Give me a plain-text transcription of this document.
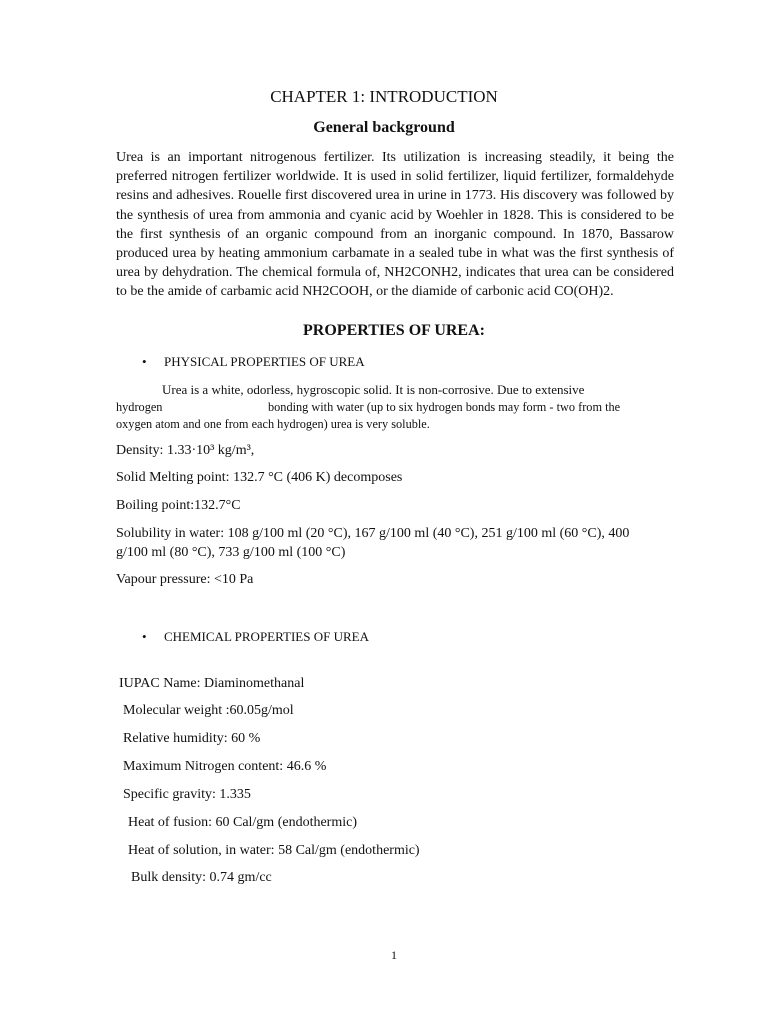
CHAPTER 1: INTRODUCTION
General background

Urea is an important nitrogenous fertilizer. Its utilization is increasing steadily, it being the preferred nitrogen fertilizer worldwide. It is used in solid fertilizer, liquid fertilizer, formaldehyde resins and adhesives. Rouelle first discovered urea in urine in 1773. His discovery was followed by the synthesis of urea from ammonia and cyanic acid by Woehler in 1828. This is considered to be the first synthesis of an organic compound from an inorganic compound. In 1870, Bassarow produced urea by heating ammonium carbamate in a sealed tube in what was the first synthesis of urea by dehydration. The chemical formula of, NH2CONH2, indicates that urea can be considered to be the amide of carbamic acid NH2COOH, or the diamide of carbonic acid CO(OH)2.

PROPERTIES OF UREA:
• PHYSICAL PROPERTIES OF UREA
Urea is a white, odorless, hygroscopic solid. It is non-corrosive. Due to extensive
hydrogen	bonding with water (up to six hydrogen bonds may form - two from the
oxygen atom and one from each hydrogen) urea is very soluble.
Density: 1.33·10³ kg/m³,
Solid Melting point: 132.7 °C (406 K) decomposes
Boiling point:132.7°C
Solubility in water: 108 g/100 ml (20 °C), 167 g/100 ml (40 °C), 251 g/100 ml (60 °C), 400
g/100 ml (80 °C), 733 g/100 ml (100 °C)
Vapour pressure: <10 Pa
• CHEMICAL PROPERTIES OF UREA
IUPAC Name: Diaminomethanal
Molecular weight :60.05g/mol
Relative humidity: 60 %
Maximum Nitrogen content: 46.6 %
Specific gravity: 1.335
Heat of fusion: 60 Cal/gm (endothermic)
Heat of solution, in water: 58 Cal/gm (endothermic)
Bulk density: 0.74 gm/cc
1
